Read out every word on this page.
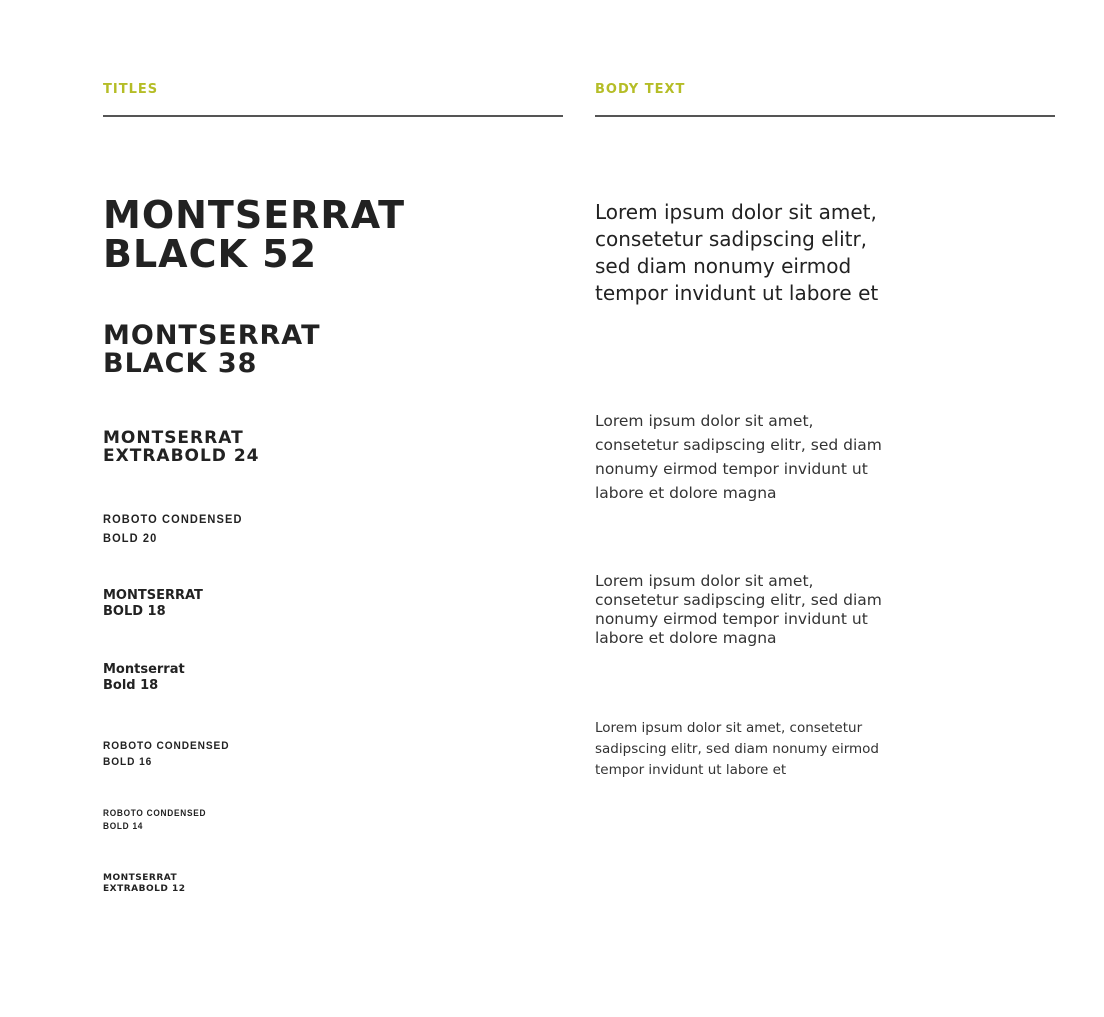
TITLES
MONTSERRAT
BLACK 52
MONTSERRAT
BLACK 38
MONTSERRAT
EXTRABOLD 24
ROBOTO CONDENSED
BOLD 20
MONTSERRAT
BOLD 18
Montserrat
Bold 18
ROBOTO CONDENSED
BOLD 16
ROBOTO CONDENSED
BOLD 14
MONTSERRAT
EXTRABOLD 12
BODY TEXT

Lorem ipsum dolor sit amet, consetetur sadipscing elitr, sed diam nonumy eirmod tempor invidunt ut labore et

Lorem ipsum dolor sit amet, consetetur sadipscing elitr, sed diam nonumy eirmod tempor invidunt ut labore et dolore magna

Lorem ipsum dolor sit amet, consetetur sadipscing elitr, sed diam nonumy eirmod tempor invidunt ut labore et dolore magna

Lorem ipsum dolor sit amet, consetetur sadipscing elitr, sed diam nonumy eirmod tempor invidunt ut labore et
